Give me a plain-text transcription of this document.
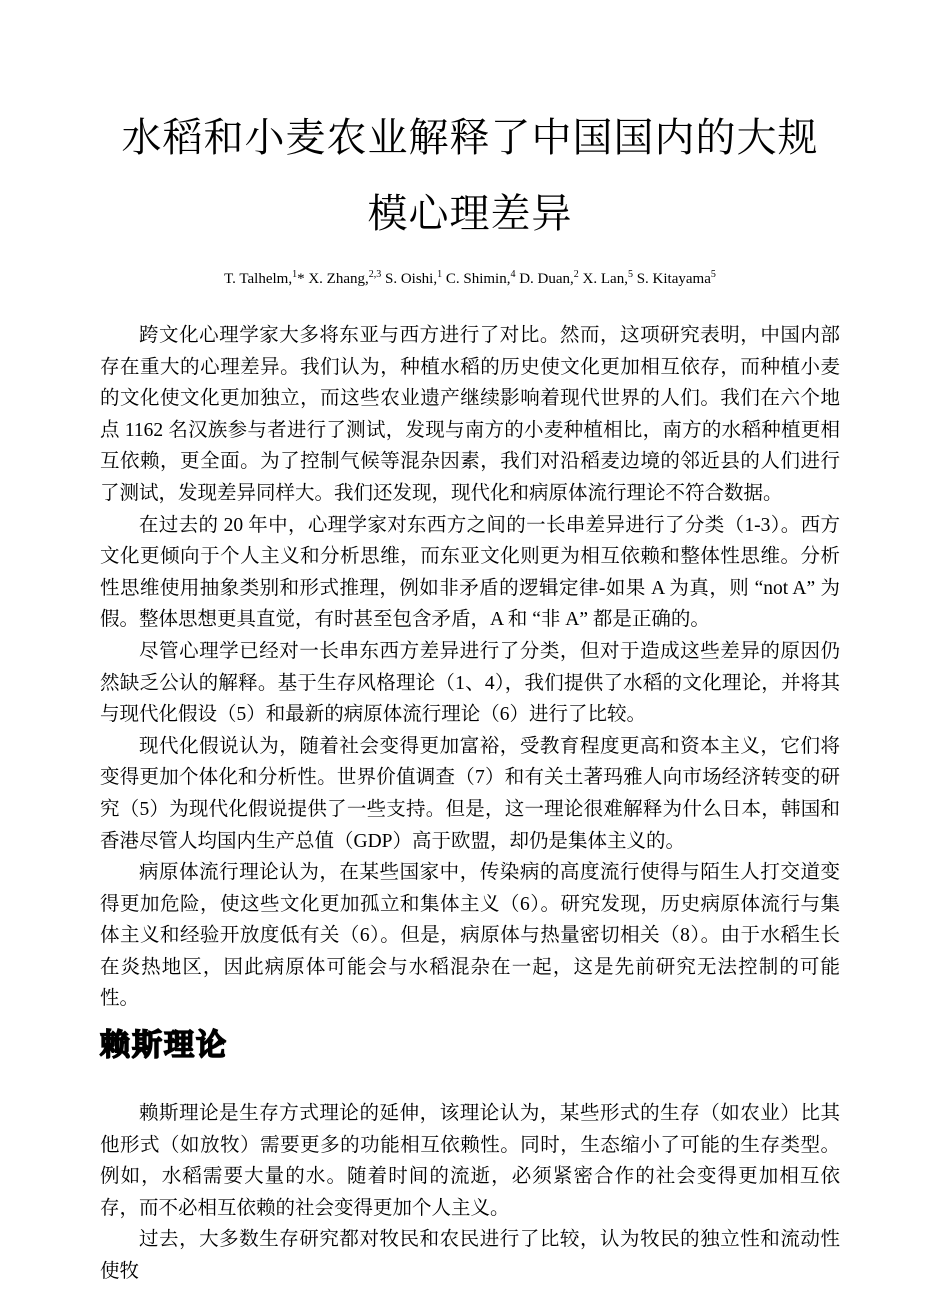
水稻和小麦农业解释了中国国内的大规模心理差异
T. Talhelm,$^1$* X. Zhang,$^{2,3}$ S. Oishi,$^1$ C. Shimin,$^4$ D. Duan,$^2$ X. Lan,$^5$ S. Kitayama$^5$

跨文化心理学家大多将东亚与西方进行了对比。然而，这项研究表明，中国内部存在重大的心理差异。我们认为，种植水稻的历史使文化更加相互依存，而种植小麦的文化使文化更加独立，而这些农业遗产继续影响着现代世界的人们。我们在六个地点 1162 名汉族参与者进行了测试，发现与南方的小麦种植相比，南方的水稻种植更相互依赖，更全面。为了控制气候等混杂因素，我们对沿稻麦边境的邻近县的人们进行了测试，发现差异同样大。我们还发现，现代化和病原体流行理论不符合数据。

在过去的 20 年中，心理学家对东西方之间的一长串差异进行了分类（1-3）。西方文化更倾向于个人主义和分析思维，而东亚文化则更为相互依赖和整体性思维。分析性思维使用抽象类别和形式推理，例如非矛盾的逻辑定律-如果 A 为真，则 “not A” 为假。整体思想更具直觉，有时甚至包含矛盾，A 和 “非 A” 都是正确的。

尽管心理学已经对一长串东西方差异进行了分类，但对于造成这些差异的原因仍然缺乏公认的解释。基于生存风格理论（1、4），我们提供了水稻的文化理论，并将其与现代化假设（5）和最新的病原体流行理论（6）进行了比较。

现代化假说认为，随着社会变得更加富裕，受教育程度更高和资本主义，它们将变得更加个体化和分析性。世界价值调查（7）和有关土著玛雅人向市场经济转变的研究（5）为现代化假说提供了一些支持。但是，这一理论很难解释为什么日本，韩国和香港尽管人均国内生产总值（GDP）高于欧盟，却仍是集体主义的。

病原体流行理论认为，在某些国家中，传染病的高度流行使得与陌生人打交道变得更加危险，使这些文化更加孤立和集体主义（6）。研究发现，历史病原体流行与集体主义和经验开放度低有关（6）。但是，病原体与热量密切相关（8）。由于水稻生长在炎热地区，因此病原体可能会与水稻混杂在一起，这是先前研究无法控制的可能性。

赖斯理论

赖斯理论是生存方式理论的延伸，该理论认为，某些形式的生存（如农业）比其他形式（如放牧）需要更多的功能相互依赖性。同时，生态缩小了可能的生存类型。例如，水稻需要大量的水。随着时间的流逝，必须紧密合作的社会变得更加相互依存，而不必相互依赖的社会变得更加个人主义。

过去，大多数生存研究都对牧民和农民进行了比较，认为牧民的独立性和流动性使牧
